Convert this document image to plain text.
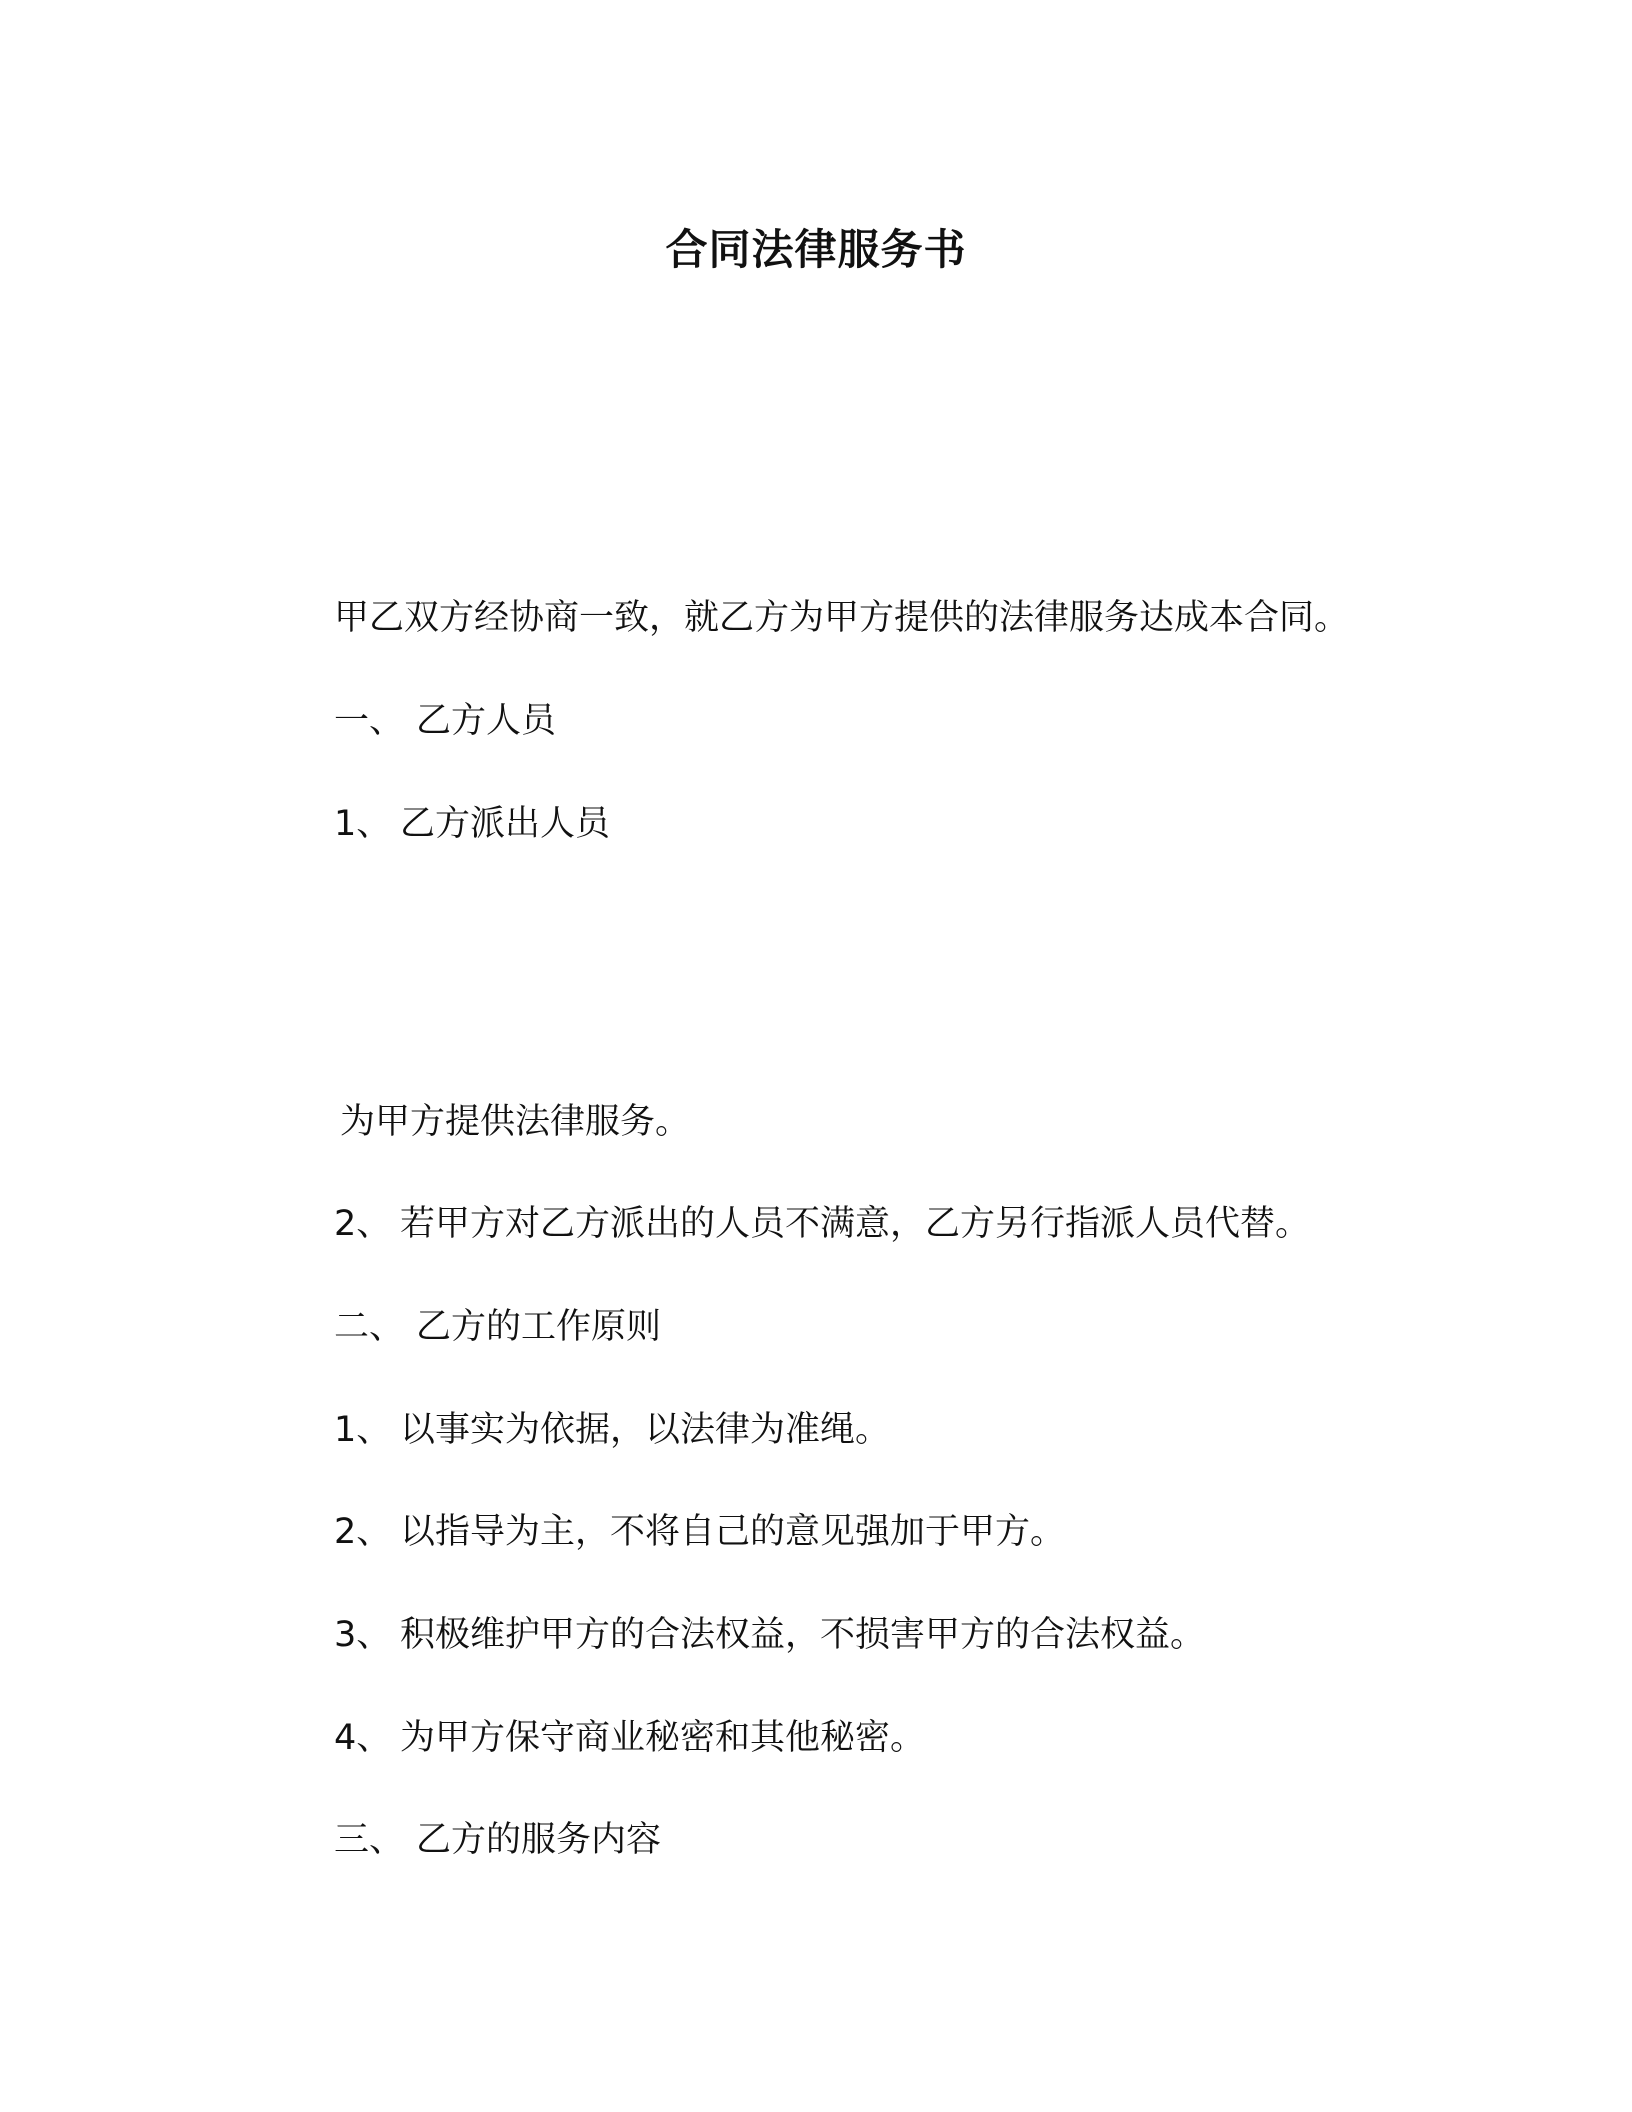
合同法律服务书
甲乙双方经协商一致，就乙方为甲方提供的法律服务达成本合同。
一、 乙方人员
1、 乙方派出人员
为甲方提供法律服务。
2、 若甲方对乙方派出的人员不满意，乙方另行指派人员代替。
二、 乙方的工作原则
1、 以事实为依据，以法律为准绳。
2、 以指导为主，不将自己的意见强加于甲方。
3、 积极维护甲方的合法权益，不损害甲方的合法权益。
4、 为甲方保守商业秘密和其他秘密。
三、 乙方的服务内容
